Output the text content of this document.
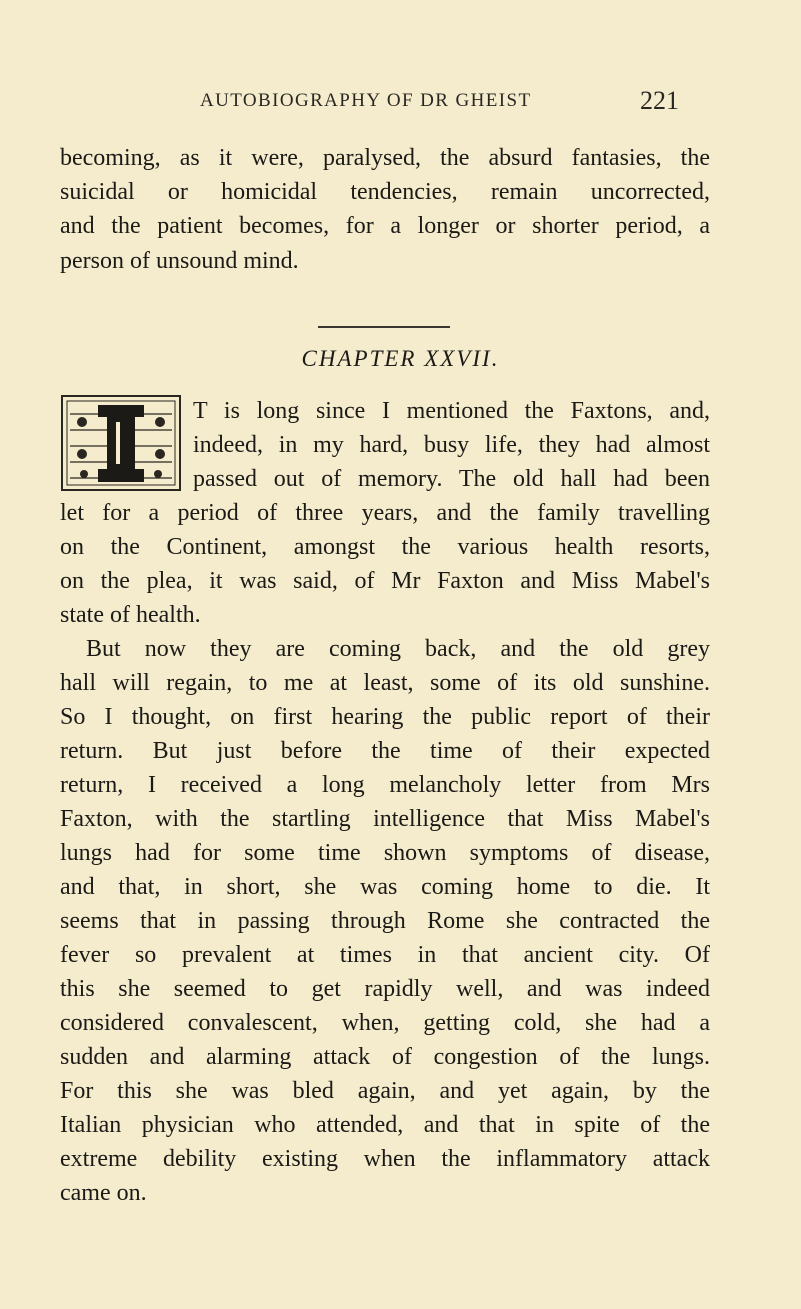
AUTOBIOGRAPHY OF DR GHEIST	221
becoming, as it were, paralysed, the absurd fantasies, the
suicidal or homicidal tendencies, remain uncorrected,
and the patient becomes, for a longer or shorter period, a
person of unsound mind.
CHAPTER XXVII.
T is long since I mentioned the Faxtons, and,
indeed, in my hard, busy life, they had almost
passed out of memory. The old hall had been
let for a period of three years, and the family travelling
on the Continent, amongst the various health resorts,
on the plea, it was said, of Mr Faxton and Miss Mabel's
state of health.
But now they are coming back, and the old grey
hall will regain, to me at least, some of its old sunshine.
So I thought, on first hearing the public report of their
return. But just before the time of their expected
return, I received a long melancholy letter from Mrs
Faxton, with the startling intelligence that Miss Mabel's
lungs had for some time shown symptoms of disease,
and that, in short, she was coming home to die. It
seems that in passing through Rome she contracted the
fever so prevalent at times in that ancient city. Of
this she seemed to get rapidly well, and was indeed
considered convalescent, when, getting cold, she had a
sudden and alarming attack of congestion of the lungs.
For this she was bled again, and yet again, by the
Italian physician who attended, and that in spite of the
extreme debility existing when the inflammatory attack
came on.
